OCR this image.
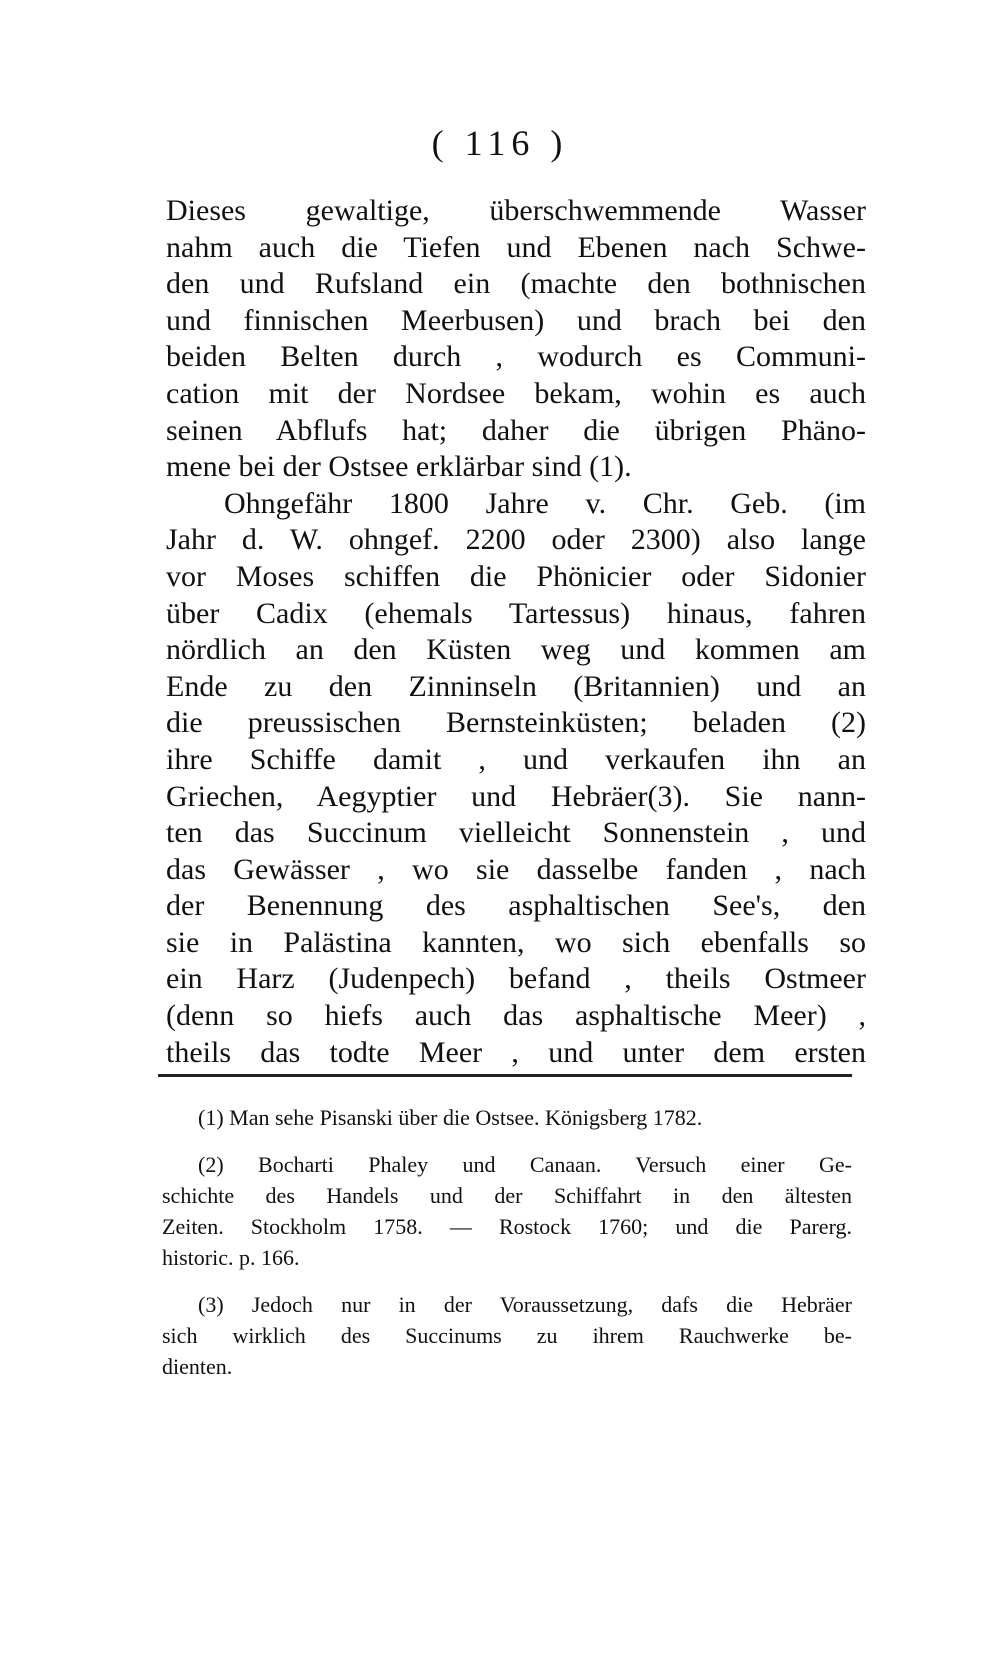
( 116 )
Dieses gewaltige, überschwemmende Wasser
nahm auch die Tiefen und Ebenen nach Schwe-
den und Rufsland ein (machte den bothnischen
und finnischen Meerbusen) und brach bei den
beiden Belten durch , wodurch es Communi-
cation mit der Nordsee bekam, wohin es auch
seinen Abflufs hat; daher die übrigen Phäno-
mene bei der Ostsee erklärbar sind (1).
Ohngefähr 1800 Jahre v. Chr. Geb. (im
Jahr d. W. ohngef. 2200 oder 2300) also lange
vor Moses schiffen die Phönicier oder Sidonier
über Cadix (ehemals Tartessus) hinaus, fahren
nördlich an den Küsten weg und kommen am
Ende zu den Zinninseln (Britannien) und an
die preussischen Bernsteinküsten; beladen (2)
ihre Schiffe damit , und verkaufen ihn an
Griechen, Aegyptier und Hebräer(3). Sie nann-
ten das Succinum vielleicht Sonnenstein , und
das Gewässer , wo sie dasselbe fanden , nach
der Benennung des asphaltischen See's, den
sie in Palästina kannten, wo sich ebenfalls so
ein Harz (Judenpech) befand , theils Ostmeer
(denn so hiefs auch das asphaltische Meer) ,
theils das todte Meer , und unter dem ersten
(1) Man sehe Pisanski über die Ostsee. Königsberg 1782.
(2) Bocharti Phaley und Canaan. Versuch einer Ge-
schichte des Handels und der Schiffahrt in den ältesten
Zeiten. Stockholm 1758. — Rostock 1760; und die Parerg.
historic. p. 166.
(3) Jedoch nur in der Voraussetzung, dafs die Hebräer
sich wirklich des Succinums zu ihrem Rauchwerke be-
dienten.
